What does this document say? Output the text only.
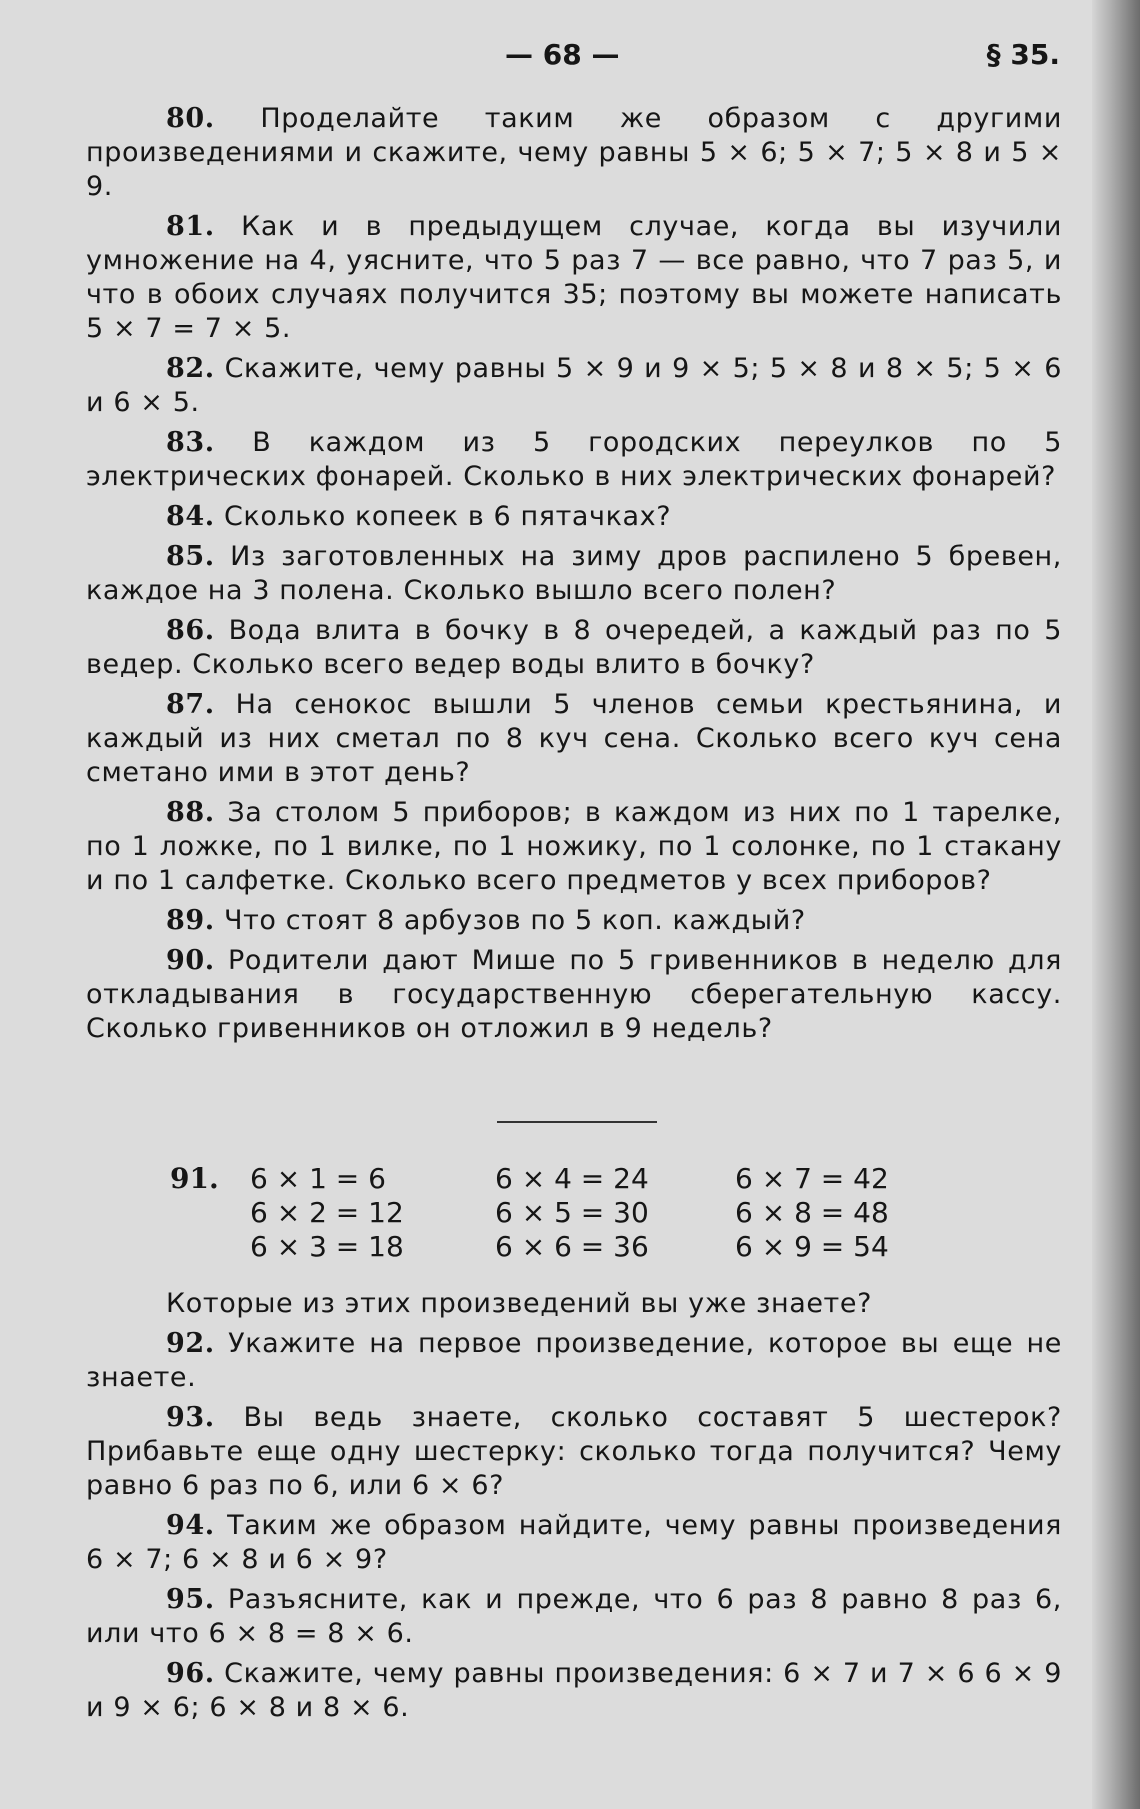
— 68 —	§ 35.

80. Проделайте таким же образом с другими произведениями и скажите, чему равны 5 × 6; 5 × 7; 5 × 8 и 5 × 9.

81. Как и в предыдущем случае, когда вы изучили умножение на 4, уясните, что 5 раз 7 — все равно, что 7 раз 5, и что в обоих случаях получится 35; поэтому вы можете написать 5 × 7 = 7 × 5.

82. Скажите, чему равны 5 × 9 и 9 × 5; 5 × 8 и 8 × 5; 5 × 6 и 6 × 5.

83. В каждом из 5 городских переулков по 5 электрических фонарей. Сколько в них электрических фонарей?

84. Сколько копеек в 6 пятачках?

85. Из заготовленных на зиму дров распилено 5 бревен, каждое на 3 полена. Сколько вышло всего полен?

86. Вода влита в бочку в 8 очередей, а каждый раз по 5 ведер. Сколько всего ведер воды влито в бочку?

87. На сенокос вышли 5 членов семьи крестьянина, и каждый из них сметал по 8 куч сена. Сколько всего куч сена сметано ими в этот день?

88. За столом 5 приборов; в каждом из них по 1 тарелке, по 1 ложке, по 1 вилке, по 1 ножику, по 1 солонке, по 1 стакану и по 1 салфетке. Сколько всего предметов у всех приборов?

89. Что стоят 8 арбузов по 5 коп. каждый?

90. Родители дают Мише по 5 гривенников в неделю для откладывания в государственную сберегательную кассу. Сколько гривенников он отложил в 9 недель?

91. 6 × 1 = 6
6 × 2 = 12
6 × 3 = 18
6 × 4 = 24
6 × 5 = 30
6 × 6 = 36
6 × 7 = 42
6 × 8 = 48
6 × 9 = 54

Которые из этих произведений вы уже знаете?

92. Укажите на первое произведение, которое вы еще не знаете.

93. Вы ведь знаете, сколько составят 5 шестерок? Прибавьте еще одну шестерку: сколько тогда получится? Чему равно 6 раз по 6, или 6 × 6?

94. Таким же образом найдите, чему равны произведения 6 × 7; 6 × 8 и 6 × 9?

95. Разъясните, как и прежде, что 6 раз 8 равно 8 раз 6, или что 6 × 8 = 8 × 6.

96. Скажите, чему равны произведения: 6 × 7 и 7 × 6 6 × 9 и 9 × 6; 6 × 8 и 8 × 6.
